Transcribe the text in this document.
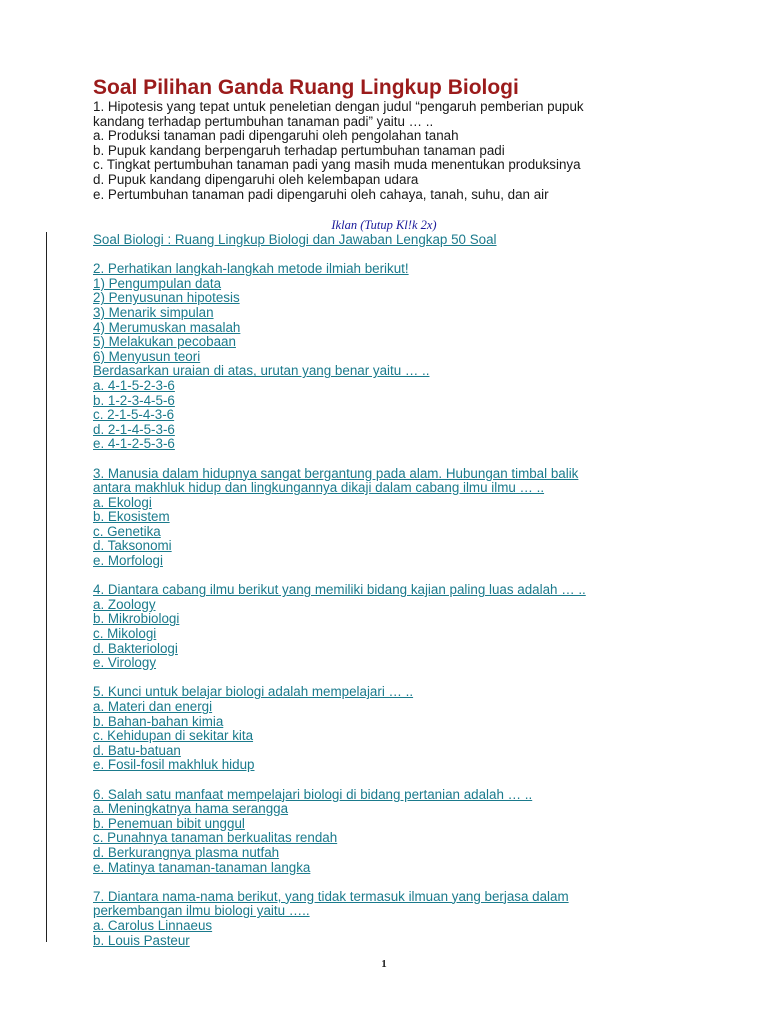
Soal Pilihan Ganda Ruang Lingkup Biologi
1. Hipotesis yang tepat untuk peneletian dengan judul “pengaruh pemberian pupuk
kandang terhadap pertumbuhan tanaman padi” yaitu … ..
a. Produksi tanaman padi dipengaruhi oleh pengolahan tanah
b. Pupuk kandang berpengaruh terhadap pertumbuhan tanaman padi
c. Tingkat pertumbuhan tanaman padi yang masih muda menentukan produksinya
d. Pupuk kandang dipengaruhi oleh kelembapan udara
e. Pertumbuhan tanaman padi dipengaruhi oleh cahaya, tanah, suhu, dan air
Iklan (Tutup Kl!k 2x)
Soal Biologi : Ruang Lingkup Biologi dan Jawaban Lengkap 50 Soal
2. Perhatikan langkah-langkah metode ilmiah berikut!
1) Pengumpulan data
2) Penyusunan hipotesis
3) Menarik simpulan
4) Merumuskan masalah
5) Melakukan pecobaan
6) Menyusun teori
Berdasarkan uraian di atas, urutan yang benar yaitu … ..
a. 4-1-5-2-3-6
b. 1-2-3-4-5-6
c. 2-1-5-4-3-6
d. 2-1-4-5-3-6
e. 4-1-2-5-3-6
3. Manusia dalam hidupnya sangat bergantung pada alam. Hubungan timbal balik
antara makhluk hidup dan lingkungannya dikaji dalam cabang ilmu ilmu … ..
a. Ekologi
b. Ekosistem
c. Genetika
d. Taksonomi
e. Morfologi
4. Diantara cabang ilmu berikut yang memiliki bidang kajian paling luas adalah … ..
a. Zoology
b. Mikrobiologi
c. Mikologi
d. Bakteriologi
e. Virology
5. Kunci untuk belajar biologi adalah mempelajari … ..
a. Materi dan energi
b. Bahan-bahan kimia
c. Kehidupan di sekitar kita
d. Batu-batuan
e. Fosil-fosil makhluk hidup
6. Salah satu manfaat mempelajari biologi di bidang pertanian adalah … ..
a. Meningkatnya hama serangga
b. Penemuan bibit unggul
c. Punahnya tanaman berkualitas rendah
d. Berkurangnya plasma nutfah
e. Matinya tanaman-tanaman langka
7. Diantara nama-nama berikut, yang tidak termasuk ilmuan yang berjasa dalam
perkembangan ilmu biologi yaitu …..
a. Carolus Linnaeus
b. Louis Pasteur
1
